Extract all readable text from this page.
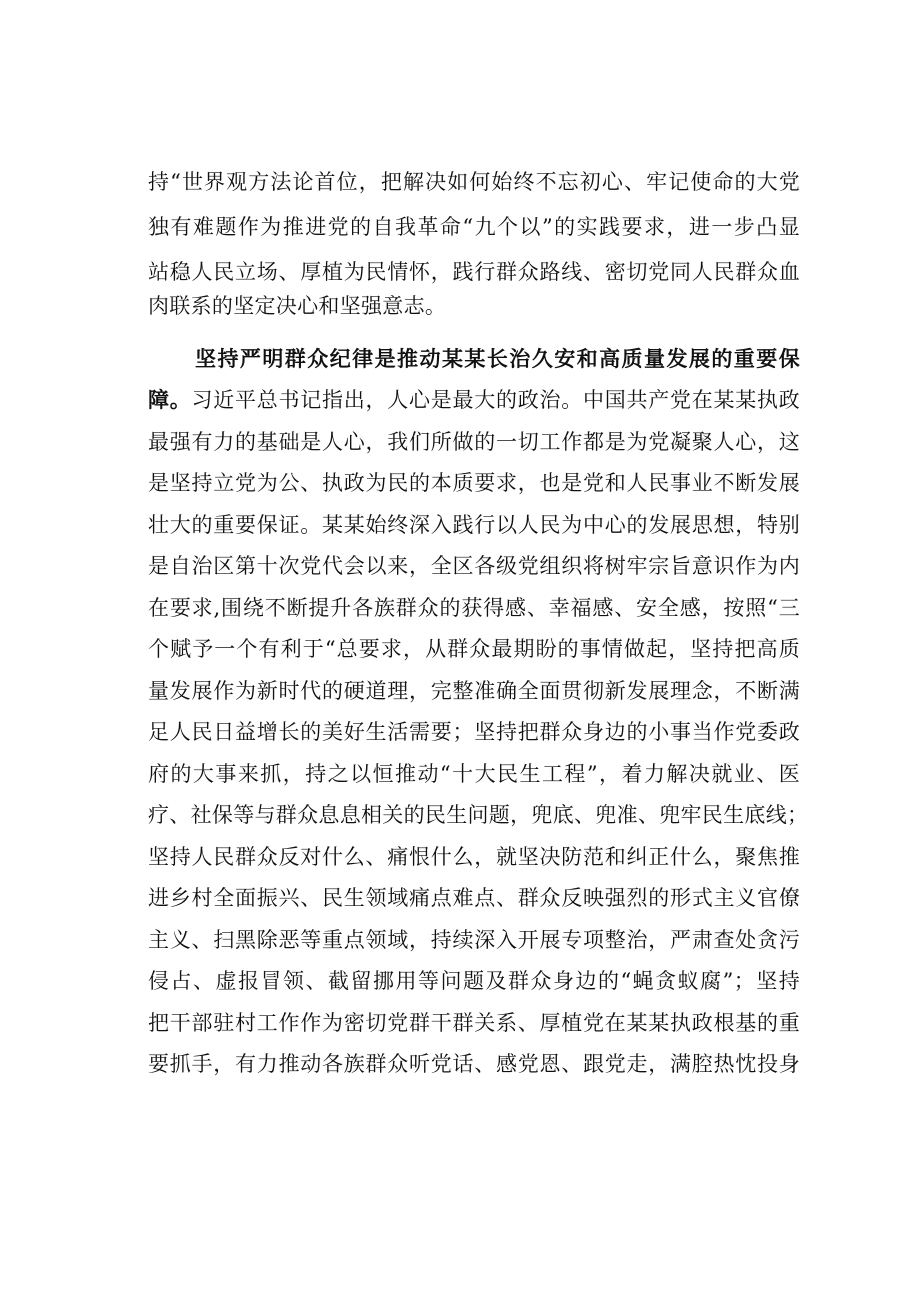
持“世界观方法论首位，把解决如何始终不忘初心、牢记使命的大党
独有难题作为推进党的自我革命“九个以”的实践要求，进一步凸显
站稳人民立场、厚植为民情怀，践行群众路线、密切党同人民群众血
肉联系的坚定决心和坚强意志。
坚持严明群众纪律是推动某某长治久安和高质量发展的重要保
障。习近平总书记指出，人心是最大的政治。中国共产党在某某执政
最强有力的基础是人心，我们所做的一切工作都是为党凝聚人心，这
是坚持立党为公、执政为民的本质要求，也是党和人民事业不断发展
壮大的重要保证。某某始终深入践行以人民为中心的发展思想，特别
是自治区第十次党代会以来，全区各级党组织将树牢宗旨意识作为内
在要求,围绕不断提升各族群众的获得感、幸福感、安全感，按照“三
个赋予一个有利于“总要求，从群众最期盼的事情做起，坚持把高质
量发展作为新时代的硬道理，完整准确全面贯彻新发展理念，不断满
足人民日益增长的美好生活需要；坚持把群众身边的小事当作党委政
府的大事来抓，持之以恒推动“十大民生工程”，着力解决就业、医
疗、社保等与群众息息相关的民生问题，兜底、兜准、兜牢民生底线；
坚持人民群众反对什么、痛恨什么，就坚决防范和纠正什么，聚焦推
进乡村全面振兴、民生领域痛点难点、群众反映强烈的形式主义官僚
主义、扫黑除恶等重点领域，持续深入开展专项整治，严肃查处贪污
侵占、虚报冒领、截留挪用等问题及群众身边的“蝇贪蚁腐”；坚持
把干部驻村工作作为密切党群干群关系、厚植党在某某执政根基的重
要抓手，有力推动各族群众听党话、感党恩、跟党走，满腔热忱投身
